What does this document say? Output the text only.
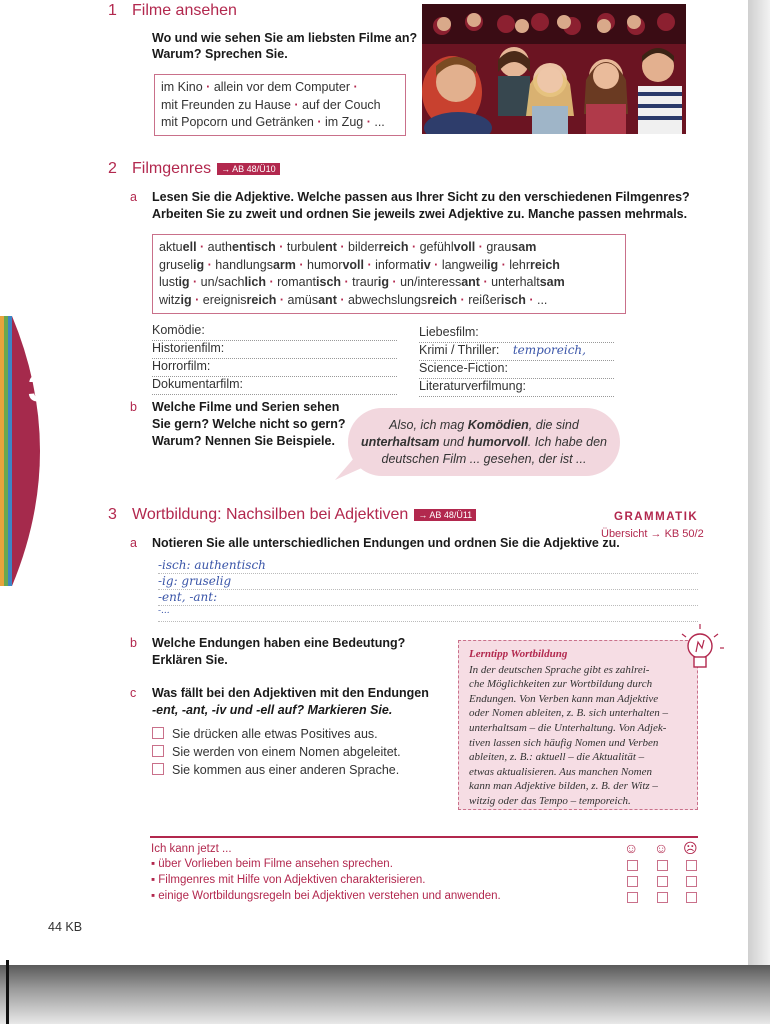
3
1 Filme ansehen
Wo und wie sehen Sie am liebsten Filme an?
Warum? Sprechen Sie.
im Kino · allein vor dem Computer ·
mit Freunden zu Hause · auf der Couch
mit Popcorn und Getränken · im Zug · ...
2 Filmgenres → AB 48/Ü10
a Lesen Sie die Adjektive. Welche passen aus Ihrer Sicht zu den verschiedenen Filmgenres?
Arbeiten Sie zu zweit und ordnen Sie jeweils zwei Adjektive zu. Manche passen mehrmals.
aktuell · authentisch · turbulent · bilderreich · gefühlvoll · grausam
gruselig · handlungsarm · humorvoll · informativ · langweilig · lehrreich
lustig · un/sachlich · romantisch · traurig · un/interessant · unterhaltsam
witzig · ereignisreich · amüsant · abwechslungsreich · reißerisch · ...
Komödie:
Historienfilm:
Horrorfilm:
Dokumentarfilm:
Liebesfilm:
Krimi / Thriller: temporeich,
Science-Fiction:
Literaturverfilmung:
b Welche Filme und Serien sehen
Sie gern? Welche nicht so gern?
Warum? Nennen Sie Beispiele.
Also, ich mag Komödien, die sind
unterhaltsam und humorvoll. Ich habe den
deutschen Film ... gesehen, der ist ...
3 Wortbildung: Nachsilben bei Adjektiven → AB 48/Ü11	GRAMMATIK
Übersicht → KB 50/2
a Notieren Sie alle unterschiedlichen Endungen und ordnen Sie die Adjektive zu.
-isch: authentisch
-ig: gruselig
-ent, -ant:
-...
b Welche Endungen haben eine Bedeutung?
Erklären Sie.
c Was fällt bei den Adjektiven mit den Endungen
-ent, -ant, -iv und -ell auf? Markieren Sie.
Sie drücken alle etwas Positives aus.
Sie werden von einem Nomen abgeleitet.
Sie kommen aus einer anderen Sprache.
Lerntipp Wortbildung
In der deutschen Sprache gibt es zahlrei-
che Möglichkeiten zur Wortbildung durch
Endungen. Von Verben kann man Adjektive
oder Nomen ableiten, z. B. sich unterhalten –
unterhaltsam – die Unterhaltung. Von Adjek-
tiven lassen sich häufig Nomen und Verben
ableiten, z. B.: aktuell – die Aktualität –
etwas aktualisieren. Aus manchen Nomen
kann man Adjektive bilden, z. B. der Witz –
witzig oder das Tempo – temporeich.
Ich kann jetzt ...
▪ über Vorlieben beim Filme ansehen sprechen.
▪ Filmgenres mit Hilfe von Adjektiven charakterisieren.
▪ einige Wortbildungsregeln bei Adjektiven verstehen und anwenden.
☺ ☺ ☹
44 KB
